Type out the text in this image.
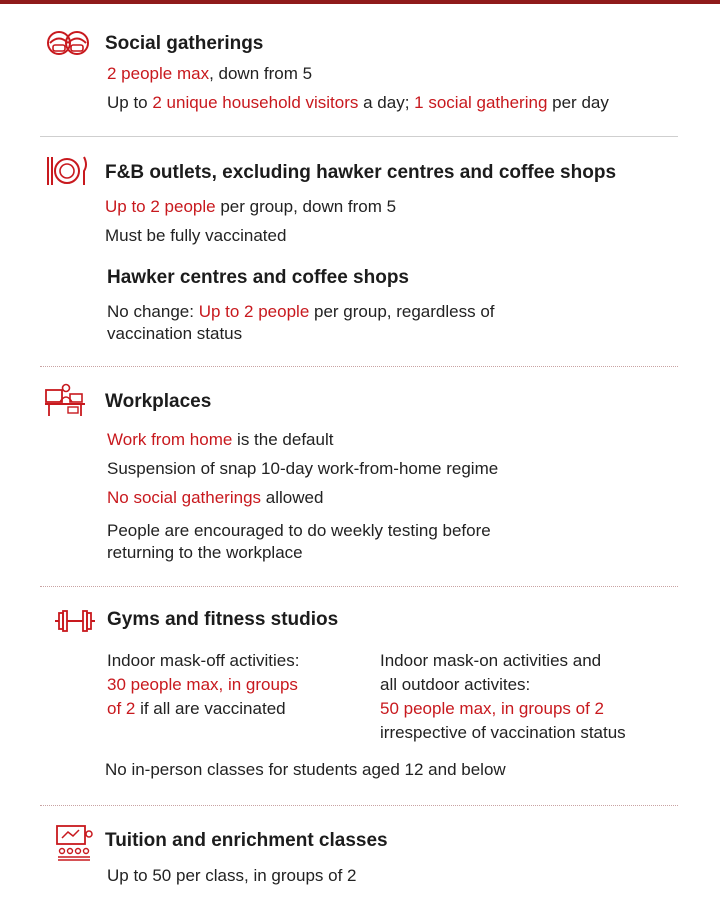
Social gatherings
2 people max, down from 5
Up to 2 unique household visitors a day; 1 social gathering per day
F&B outlets, excluding hawker centres and coffee shops
Up to 2 people per group, down from 5
Must be fully vaccinated
Hawker centres and coffee shops
No change: Up to 2 people per group, regardless of
vaccination status
Workplaces
Work from home is the default
Suspension of snap 10-day work-from-home regime
No social gatherings allowed
People are encouraged to do weekly testing before
returning to the workplace
Gyms and fitness studios
Indoor mask-off activities:
30 people max, in groups
of 2 if all are vaccinated
Indoor mask-on activities and
all outdoor activites:
50 people max, in groups of 2
irrespective of vaccination status
No in-person classes for students aged 12 and below
Tuition and enrichment classes
Up to 50 per class, in groups of 2
